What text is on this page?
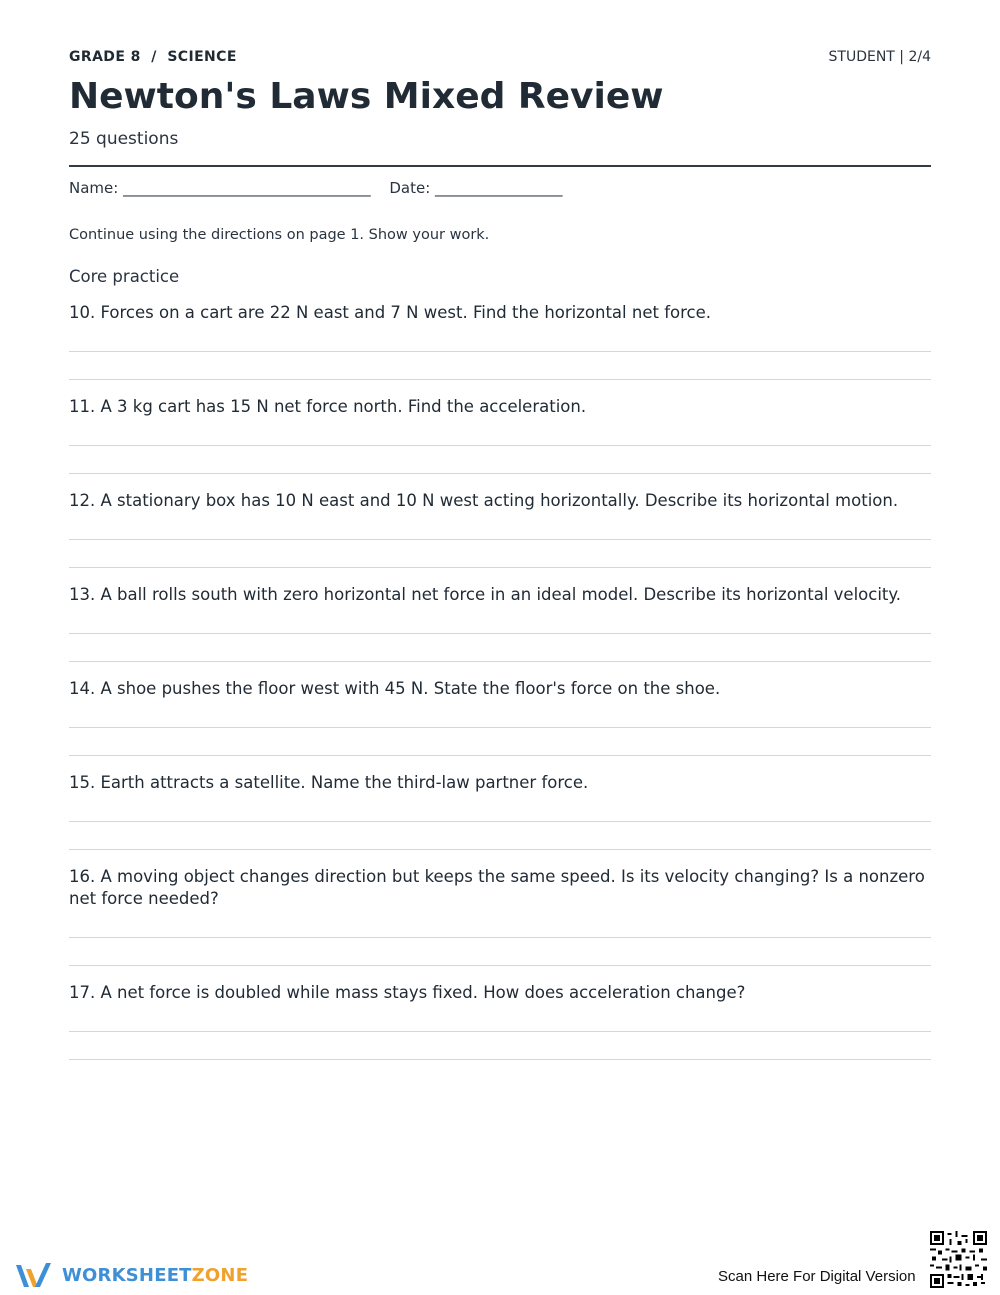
GRADE 8  /  SCIENCE	STUDENT | 2/4
Newton's Laws Mixed Review
25 questions
Name: _________________________________ Date: _________________
Continue using the directions on page 1. Show your work.
Core practice

10. Forces on a cart are 22 N east and 7 N west. Find the horizontal net force.

11. A 3 kg cart has 15 N net force north. Find the acceleration.

12. A stationary box has 10 N east and 10 N west acting horizontally. Describe its horizontal motion.

13. A ball rolls south with zero horizontal net force in an ideal model. Describe its horizontal velocity.

14. A shoe pushes the floor west with 45 N. State the floor's force on the shoe.

15. Earth attracts a satellite. Name the third-law partner force.

16. A moving object changes direction but keeps the same speed. Is its velocity changing? Is a nonzero net force needed?

17. A net force is doubled while mass stays fixed. How does acceleration change?

WORKSHEETZONE	Scan Here For Digital Version
